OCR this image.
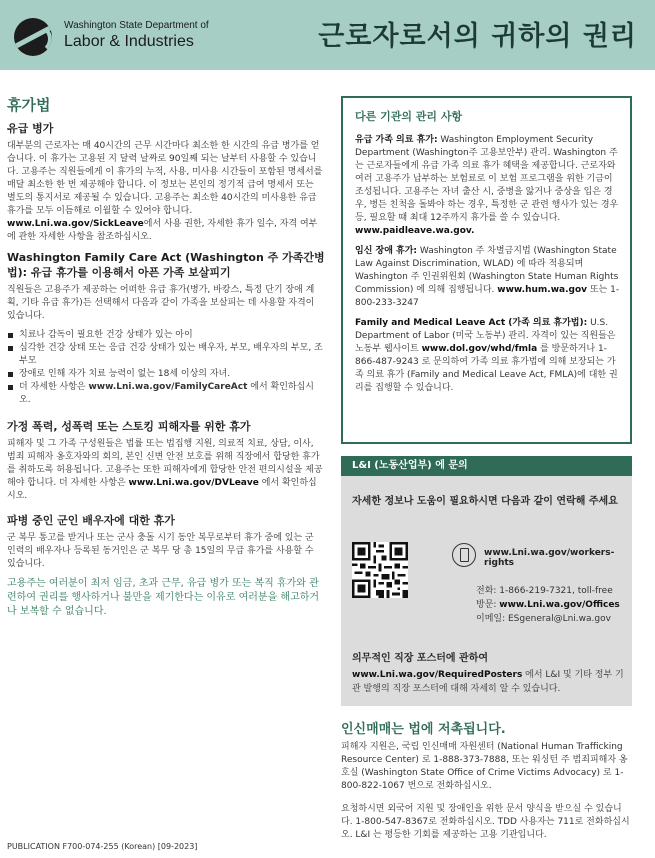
Washington State Department of
Labor & Industries	근로자로서의 귀하의 권리
휴가법
유급 병가
대부분의 근로자는 매 40시간의 근무 시간마다 최소한 한 시간의 유급 병가를 얻습니다. 이 휴가는 고용된 지 달력 날짜로 90일째 되는 날부터 사용할 수 있습니다. 고용주는 직원들에게 이 휴가의 누적, 사용, 미사용 시간들이 포함된 명세서를 매달 최소한 한 번 제공해야 합니다. 이 정보는 본인의 정기적 급여 명세서 또는 별도의 통지서로 제공될 수 있습니다. 고용주는 최소한 40시간의 미사용한 유급 휴가를 모두 이듬해로 이월할 수 있어야 합니다.
www.Lni.wa.gov/SickLeave에서 사용 권한, 자세한 휴가 일수, 자격 여부에 관한 자세한 사항을 참조하십시오.
Washington Family Care Act (Washington 주 가족간병법): 유급 휴가를 이용해서 아픈 가족 보살피기
직원들은 고용주가 제공하는 어떠한 유급 휴가(병가, 바캉스, 특정 단기 장애 계획, 기타 유급 휴가)든 선택해서 다음과 같이 가족을 보살피는 데 사용할 자격이 있습니다.
치료나 감독이 필요한 건강 상태가 있는 아이
심각한 건강 상태 또는 응급 건강 상태가 있는 배우자, 부모, 배우자의 부모, 조부모
장애로 인해 자가 치료 능력이 없는 18세 이상의 자녀.
더 자세한 사항은 www.Lni.wa.gov/FamilyCareAct 에서 확인하십시오.
가정 폭력, 성폭력 또는 스토킹 피해자를 위한 휴가
피해자 및 그 가족 구성원들은 법률 또는 법집행 지원, 의료적 치료, 상담, 이사, 범죄 피해자 옹호자와의 회의, 본인 신변 안전 보호를 위해 직장에서 합당한 휴가를 취하도록 허용됩니다. 고용주는 또한 피해자에게 합당한 안전 편의시설을 제공해야 합니다. 더 자세한 사항은 www.Lni.wa.gov/DVLeave 에서 확인하십시오.
파병 중인 군인 배우자에 대한 휴가
군 복무 통고를 받거나 또는 군사 충돌 시기 동안 복무로부터 휴가 중에 있는 군 인력의 배우자나 등록된 동거인은 군 복무 당 총 15일의 무급 휴가를 사용할 수 있습니다.
고용주는 여러분이 최저 임금, 초과 근무, 유급 병가 또는 복직 휴가와 관련하여 권리를 행사하거나 불만을 제기한다는 이유로 여러분을 해고하거나 보복할 수 없습니다.
PUBLICATION F700-074-255 (Korean) [09-2023]
다른 기관의 관리 사항
유급 가족 의료 휴가: Washington Employment Security Department (Washington주 고용보안부) 관리. Washington 주는 근로자들에게 유급 가족 의료 휴가 혜택을 제공합니다. 근로자와 여러 고용주가 납부하는 보험료로 이 보험 프로그램을 위한 기금이 조성됩니다. 고용주는 자녀 출산 시, 중병을 앓거나 중상을 입은 경우, 병든 친척을 돌봐야 하는 경우, 특정한 군 관련 행사가 있는 경우 등, 필요할 때 최대 12주까지 휴가를 쓸 수 있습니다. www.paidleave.wa.gov.
임신 장애 휴가: Washington 주 차별금지법 (Washington State Law Against Discrimination, WLAD) 에 따라 적용되며 Washington 주 인권위원회 (Washington State Human Rights Commission) 에 의해 집행됩니다. www.hum.wa.gov 또는 1-800-233-3247
Family and Medical Leave Act (가족 의료 휴가법): U.S. Department of Labor (미국 노동부) 관리. 자격이 있는 직원들은 노동부 웹사이트 www.dol.gov/whd/fmla 를 방문하거나 1-866-487-9243 로 문의하여 가족 의료 휴가법에 의해 보장되는 가족 의료 휴가 (Family and Medical Leave Act, FMLA)에 대한 권리를 집행할 수 있습니다.
L&I (노동산업부) 에 문의
자세한 정보나 도움이 필요하시면 다음과 같이 연락해 주세요
www.Lni.wa.gov/workers-rights
전화: 1-866-219-7321, toll-free
방문: www.Lni.wa.gov/Offices
이메일: ESgeneral@Lni.wa.gov
의무적인 직장 포스터에 관하여
www.Lni.wa.gov/RequiredPosters 에서 L&I 및 기타 정부 기관 발행의 직장 포스터에 대해 자세히 알 수 있습니다.
인신매매는 법에 저촉됩니다.
피해자 지원은, 국립 인신매매 자원센터 (National Human Trafficking Resource Center) 로 1-888-373-7888, 또는 워싱턴 주 범죄피해자 옹호실 (Washington State Office of Crime Victims Advocacy) 로 1-800-822-1067 번으로 전화하십시오.
요청하시면 외국어 지원 및 장애인을 위한 문서 양식을 받으실 수 있습니다. 1-800-547-8367로 전화하십시오. TDD 사용자는 711로 전화하십시오. L&I 는 평등한 기회를 제공하는 고용 기관입니다.
